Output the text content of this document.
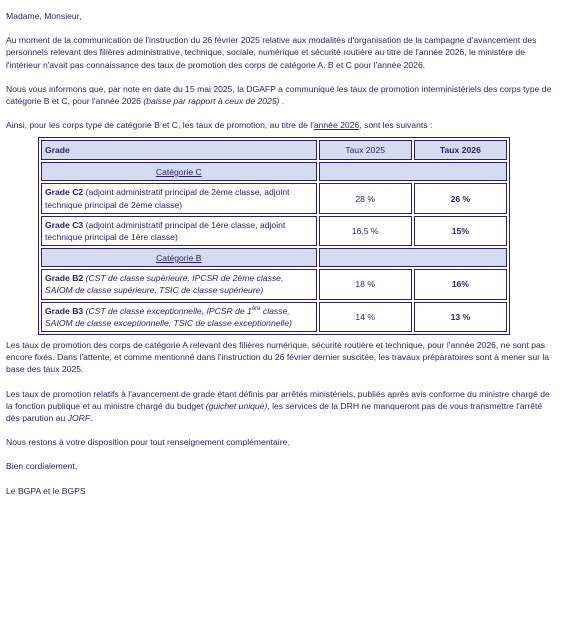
Madame, Monsieur,

Au moment de la communication de l'instruction du 26 février 2025 relative aux modalités d'organisation de la campagne d'avancement des personnels relevant des filières administrative, technique, sociale, numérique et sécurité routière au titre de l'année 2026, le ministère de l'intérieur n'avait pas connaissance des taux de promotion des corps de catégorie A, B et C pour l'année 2026.

Nous vous informons que, par note en date du 15 mai 2025, la DGAFP a communiqué les taux de promotion interministériels des corps type de catégorie B et C, pour l'année 2026 (baisse par rapport à ceux de 2025) .

Ainsi, pour les corps type de catégorie B et C, les taux de promotion, au titre de l'année 2026, sont les suivants :

Grade	Taux 2025	Taux 2026
Catégorie C		
Grade C2 (adjoint administratif principal de 2ème classe, adjoint technique principal de 2ème classe)	28 %	26 %
Grade C3 (adjoint administratif principal de 1ère classe, adjoint technique principal de 1ère classe)	16,5 %	15%
Catégorie B		
Grade B2 (CST de classe supérieure, IPCSR de 2ème classe, SAIOM de classe supérieure, TSIC de classe supérieure)	18 %	16%
Grade B3 (CST de classe exceptionnelle, IPCSR de 1ère classe, SAIOM de classe exceptionnelle, TSIC de classe exceptionnelle)	14 %	13 %

Les taux de promotion des corps de catégorie A relevant des filières numérique, sécurité routière et technique, pour l'année 2026, ne sont pas encore fixés. Dans l'attente, et comme mentionné dans l'instruction du 26 février dernier suscitée, les travaux préparatoires sont à mener sur la base des taux 2025.

Les taux de promotion relatifs à l'avancement de grade étant définis par arrêtés ministériels, publiés après avis conforme du ministre chargé de la fonction publique et au ministre chargé du budget (guichet unique), les services de la DRH ne manqueront pas de vous transmettre l'arrêté dès parution au JORF.

Nous restons à votre disposition pour tout renseignement complémentaire.

Bien cordialement,

Le BGPA et le BGPS
